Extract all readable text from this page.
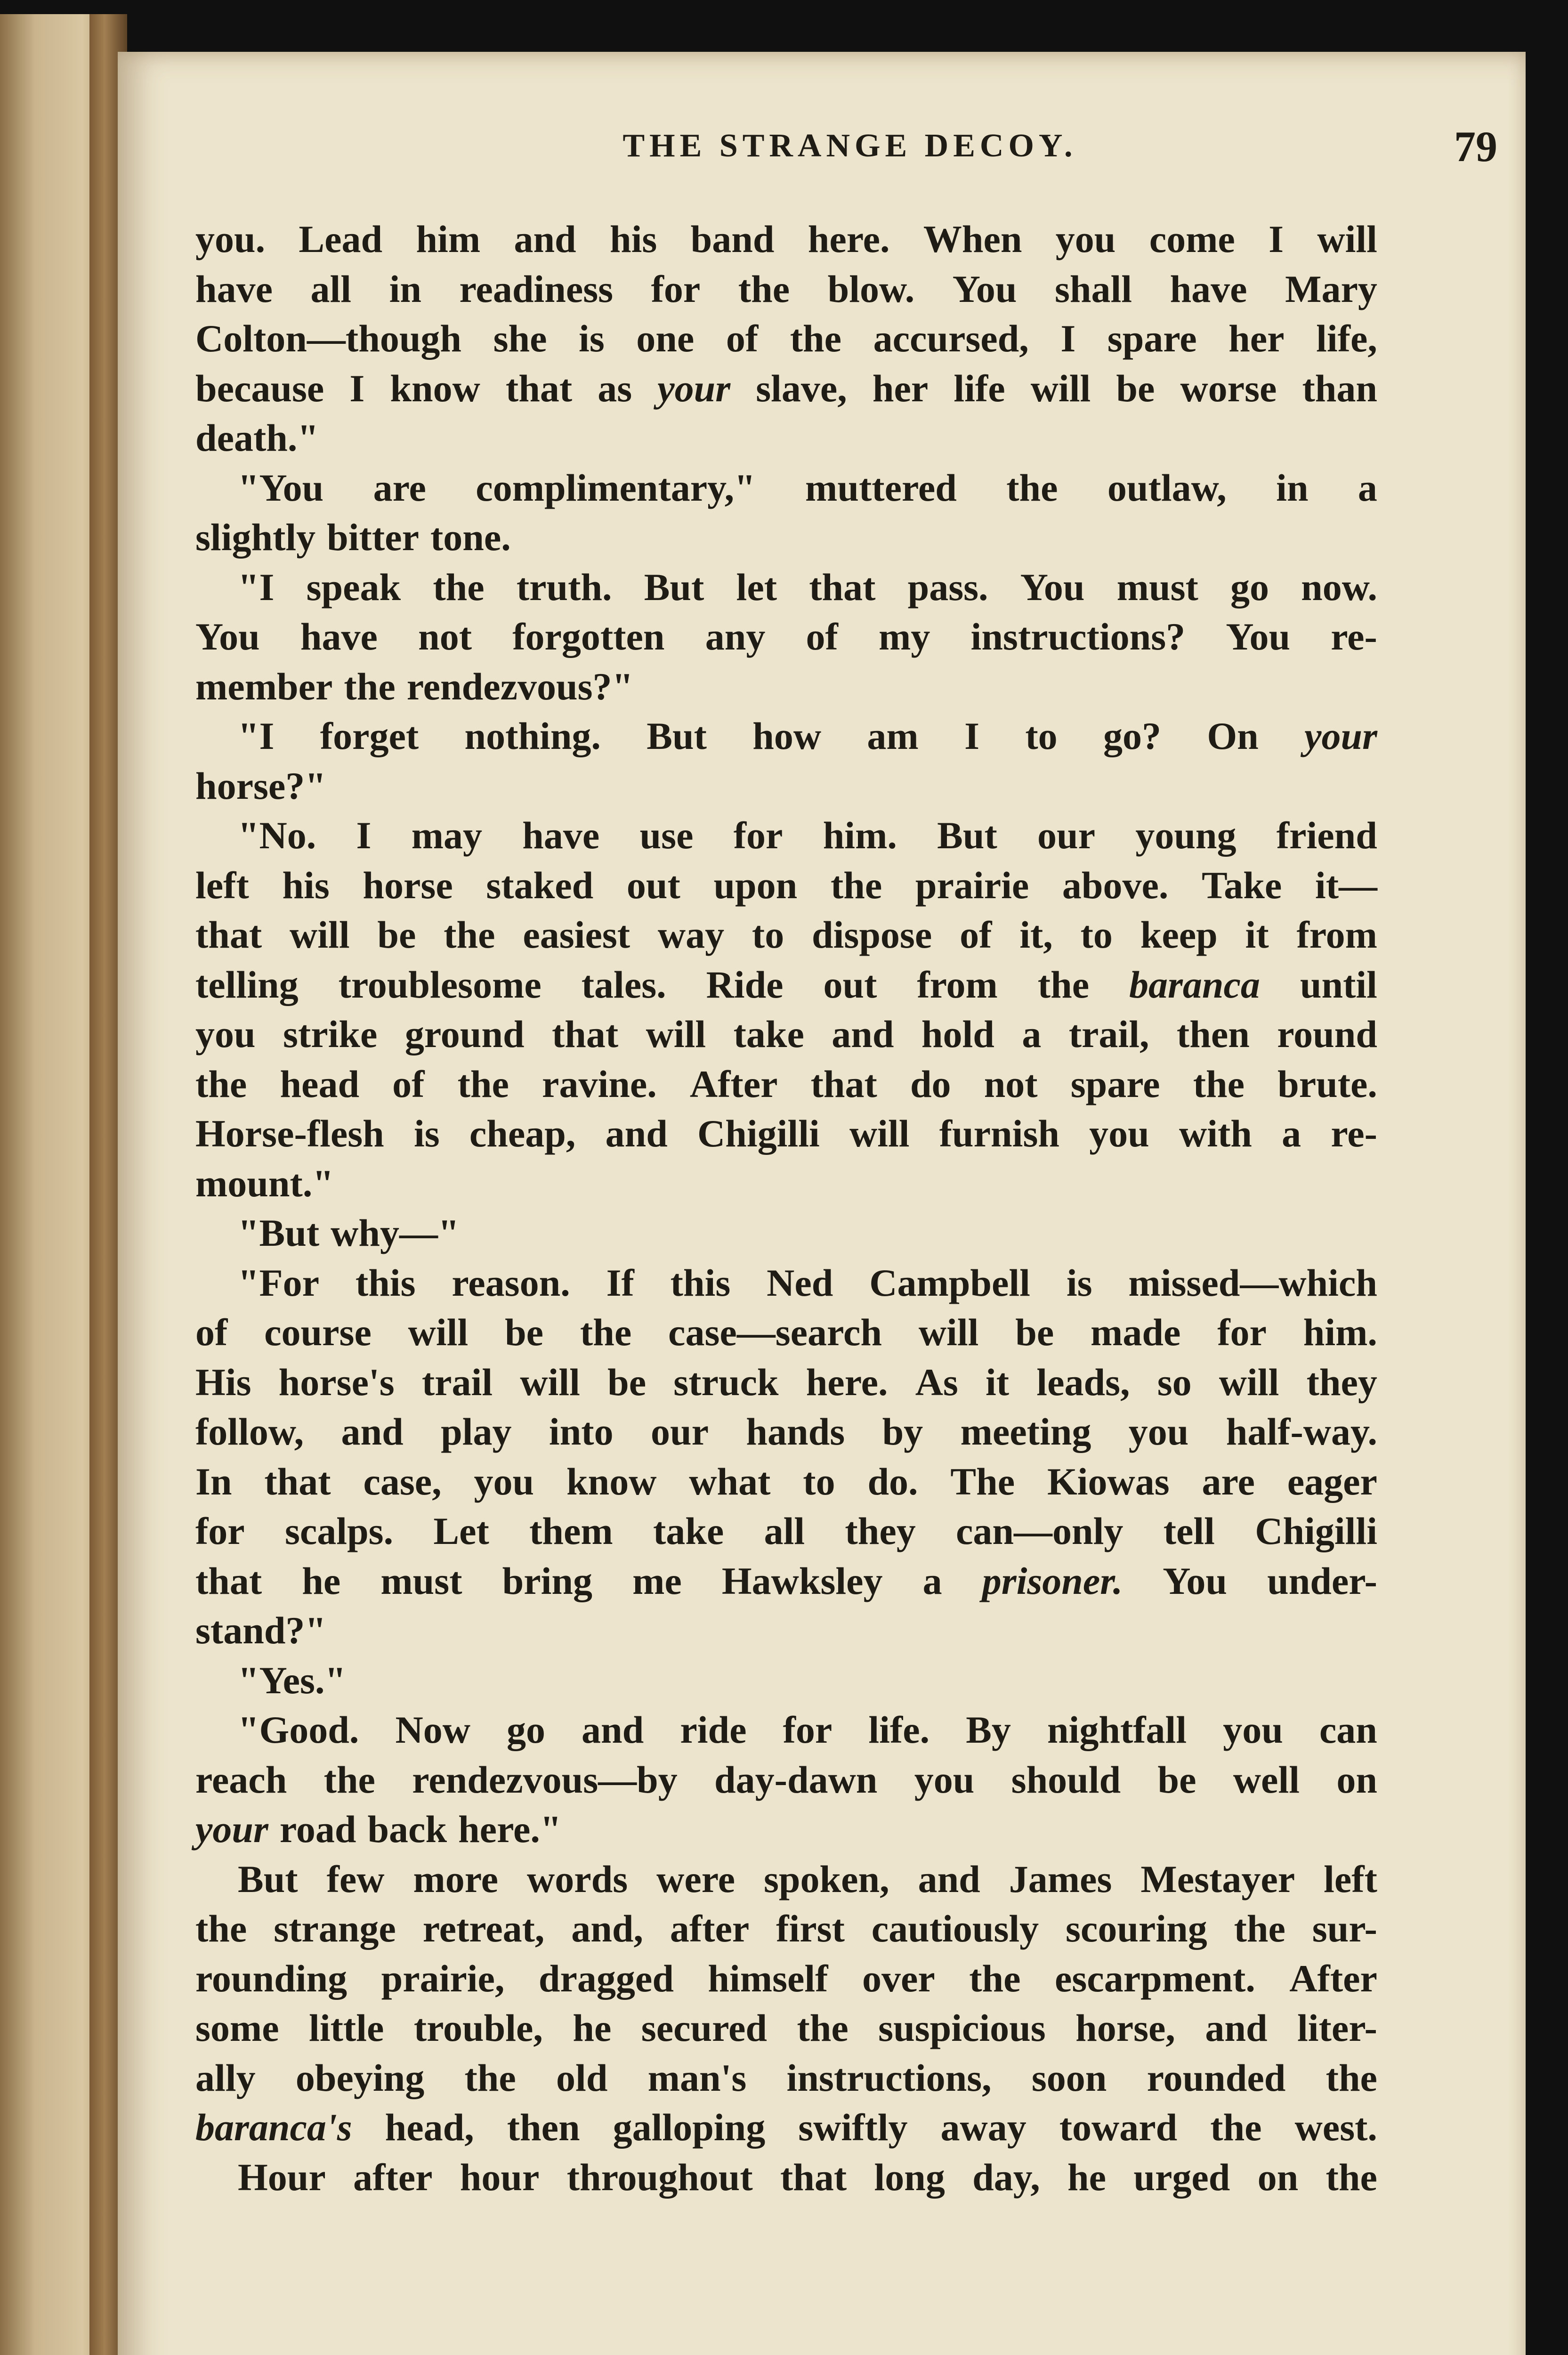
THE STRANGE DECOY.	79
you. Lead him and his band here. When you come I will
have all in readiness for the blow. You shall have Mary
Colton—though she is one of the accursed, I spare her life,
because I know that as your slave, her life will be worse than
death."
"You are complimentary," muttered the outlaw, in a
slightly bitter tone.
"I speak the truth. But let that pass. You must go now.
You have not forgotten any of my instructions? You re-
member the rendezvous?"
"I forget nothing. But how am I to go? On your
horse?"
"No. I may have use for him. But our young friend
left his horse staked out upon the prairie above. Take it—
that will be the easiest way to dispose of it, to keep it from
telling troublesome tales. Ride out from the baranca until
you strike ground that will take and hold a trail, then round
the head of the ravine. After that do not spare the brute.
Horse-flesh is cheap, and Chigilli will furnish you with a re-
mount."
"But why—"
"For this reason. If this Ned Campbell is missed—which
of course will be the case—search will be made for him.
His horse's trail will be struck here. As it leads, so will they
follow, and play into our hands by meeting you half-way.
In that case, you know what to do. The Kiowas are eager
for scalps. Let them take all they can—only tell Chigilli
that he must bring me Hawksley a prisoner. You under-
stand?"
"Yes."
"Good. Now go and ride for life. By nightfall you can
reach the rendezvous—by day-dawn you should be well on
your road back here."
But few more words were spoken, and James Mestayer left
the strange retreat, and, after first cautiously scouring the sur-
rounding prairie, dragged himself over the escarpment. After
some little trouble, he secured the suspicious horse, and liter-
ally obeying the old man's instructions, soon rounded the
baranca's head, then galloping swiftly away toward the west.
Hour after hour throughout that long day, he urged on the
